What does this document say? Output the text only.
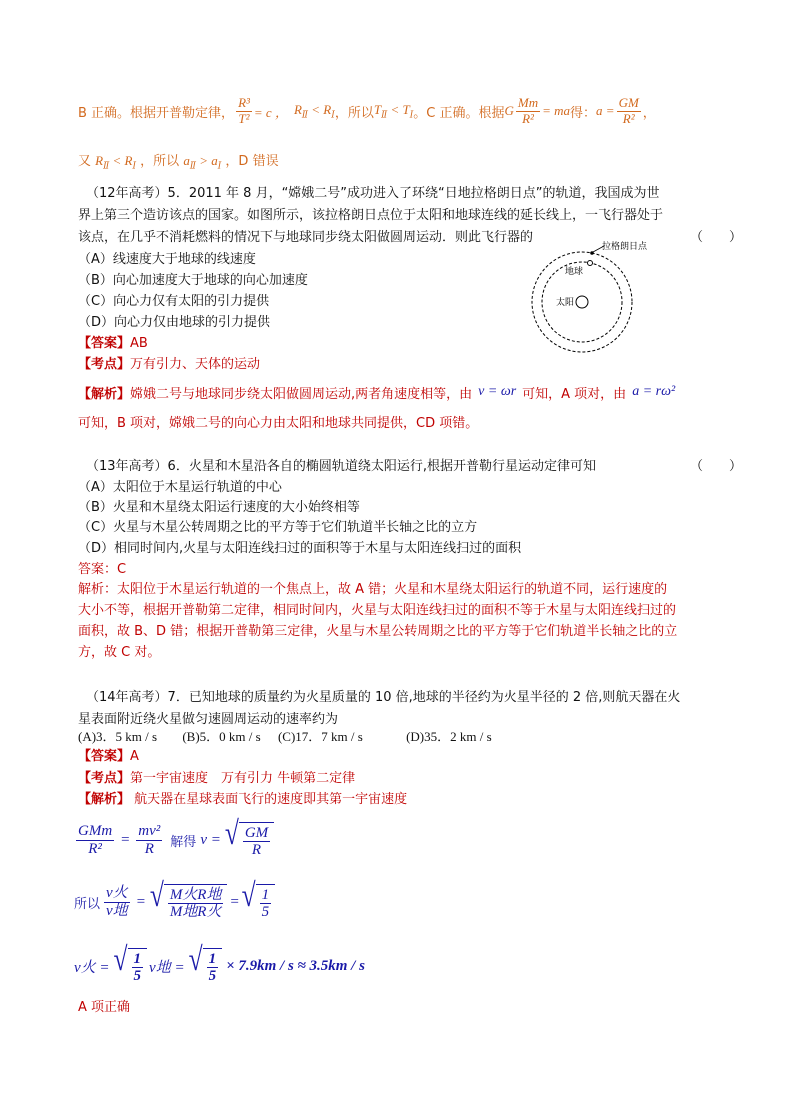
B 正确。根据开普勒定律， $\frac{\text{R³}}{\text{T²}} = c$ ， $R_Ⅱ < R_Ⅰ$ ，所以 $T_Ⅱ < T_Ⅰ$ 。C 正确。根据 G $\frac{Mm}{\text{R²}}$ = ma 得： $a = \frac{GM}{\text{R²}}$ ，
又 $R_Ⅱ < R_Ⅰ$ ，所以 $a_Ⅱ > a_Ⅰ$ ，D 错误
（12年高考）5．2011 年 8 月，“嫦娥二号”成功进入了环绕“日地拉格朗日点”的轨道，我国成为世
界上第三个造访该点的国家。如图所示，该拉格朗日点位于太阳和地球连线的延长线上，一飞行器处于
该点，在几乎不消耗燃料的情况下与地球同步绕太阳做圆周运动．则此飞行器的	（　　）
（A）线速度大于地球的线速度
（B）向心加速度大于地球的向心加速度
（C）向心力仅有太阳的引力提供
（D）向心力仅由地球的引力提供
【答案】AB
【考点】万有引力、天体的运动
拉格朗日点
地球
太阳
【解析】 嫦娥二号与地球同步绕太阳做圆周运动,两者角速度相等，由 v = ωr 可知，A 项对，由 a = rω²
可知，B 项对，嫦娥二号的向心力由太阳和地球共同提供，CD 项错。
（13年高考）6．火星和木星沿各自的椭圆轨道绕太阳运行,根据开普勒行星运动定律可知	（　　）
（A）太阳位于木星运行轨道的中心
（B）火星和木星绕太阳运行速度的大小始终相等
（C）火星与木星公转周期之比的平方等于它们轨道半长轴之比的立方
（D）相同时间内,火星与太阳连线扫过的面积等于木星与太阳连线扫过的面积
答案：C
解析：太阳位于木星运行轨道的一个焦点上，故 A 错；火星和木星绕太阳运行的轨道不同，运行速度的
大小不等，根据开普勒第二定律，相同时间内，火星与太阳连线扫过的面积不等于木星与太阳连线扫过的
面积，故 B、D 错；根据开普勒第三定律，火星与木星公转周期之比的平方等于它们轨道半长轴之比的立
方，故 C 对。
（14年高考）7．已知地球的质量约为火星质量的 10 倍,地球的半径约为火星半径的 2 倍,则航天器在火
星表面附近绕火星做匀速圆周运动的速率约为
(A)3．5 km / s (B)5．0 km / s (C)17．7 km / s	(D)35．2 km / s
【答案】A
【考点】第一宇宙速度　万有引力 牛顿第二定律
【解析】 航天器在星球表面飞行的速度即其第一宇宙速度
$\frac{\text{GMm}}{\text{R²}} = \frac{\text{mv²}}{R}$ 解得 v = √ $\frac{GM}{R}$
所以 $\frac{\text{v火}}{\text{v地}}$ = √ $\frac{\text{M火R地}}{\text{M地R火}}$ = √ $\frac{1}{5}$
v火 = √ $\frac{1}{5}$ v地 = √ $\frac{1}{5} \times 7.9km / s \approx 3.5km / s$
A 项正确
